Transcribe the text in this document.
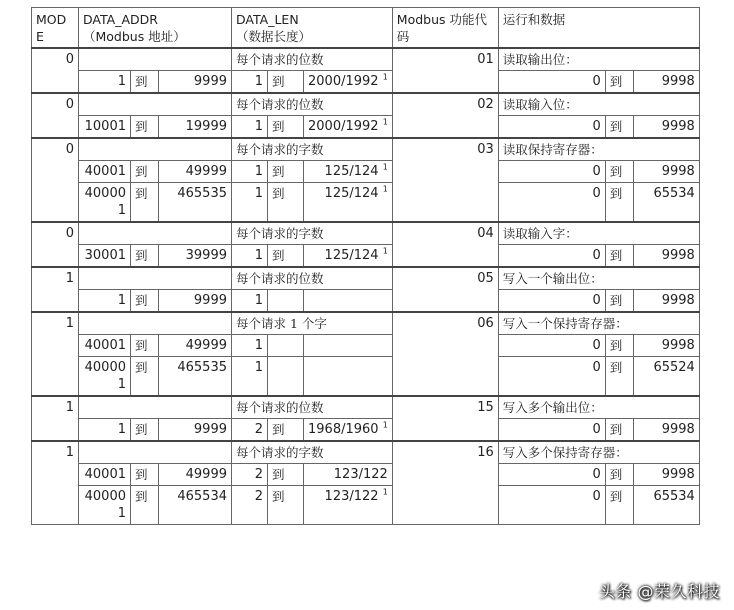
MODE	DATA_ADDR
（Modbus 地址）			DATA_LEN
（数据长度）			Modbus 功能代码	运行和数据		
0				每个请求的位数			01	读取输出位：		
	1	到	9999	1	到	2000/1992 $^1$		0	到	9998
0				每个请求的位数			02	读取输入位：		
	10001	到	19999	1	到	2000/1992 $^1$		0	到	9998
0				每个请求的字数			03	读取保持寄存器：		
	40001	到	49999	1	到	125/124 $^1$		0	到	9998
	400001	到	465535	1	到	125/124 $^1$		0	到	65534
0				每个请求的字数			04	读取输入字：		
	30001	到	39999	1	到	125/124 $^1$		0	到	9998
1				每个请求的位数			05	写入一个输出位：		
	1	到	9999	1				0	到	9998
1				每个请求 1 个字			06	写入一个保持寄存器：		
	40001	到	49999	1				0	到	9998
	400001	到	465535	1				0	到	65524
1				每个请求的位数			15	写入多个输出位：		
	1	到	9999	2	到	1968/1960 $^1$		0	到	9998
1				每个请求的字数			16	写入多个保持寄存器：		
	40001	到	49999	2	到	123/122		0	到	9998
	400001	到	465534	2	到	123/122 $^1$		0	到	65534
头条 @荣久科技
